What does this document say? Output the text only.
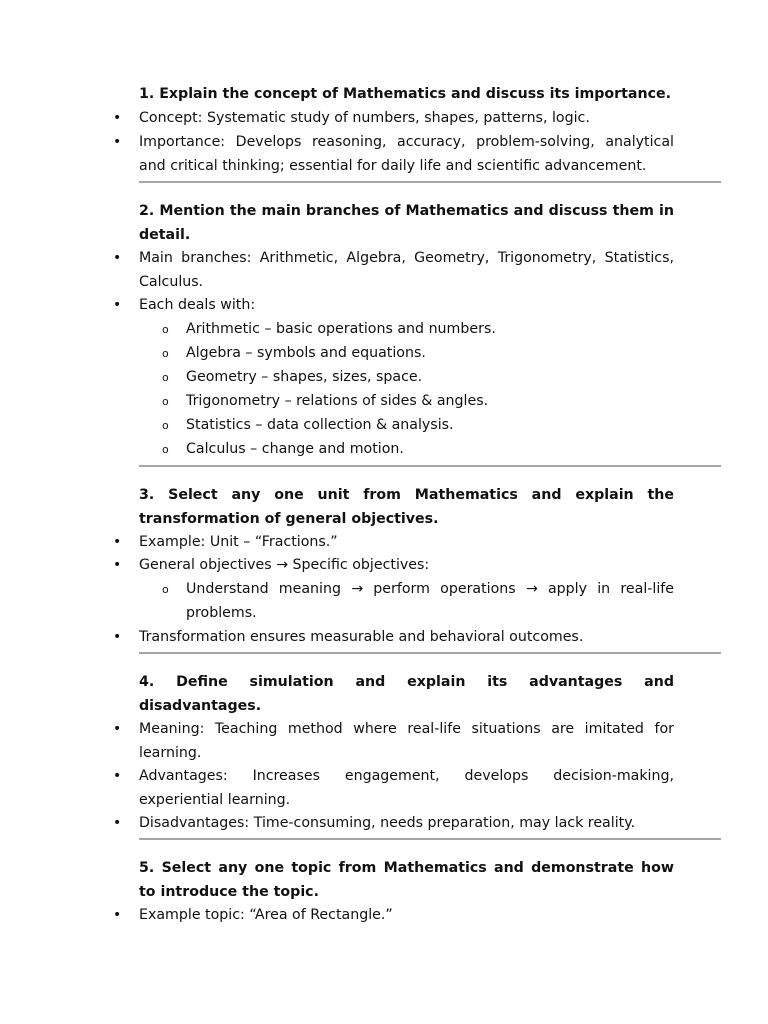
1. Explain the concept of Mathematics and discuss its importance.
• Concept: Systematic study of numbers, shapes, patterns, logic.
• Importance: Develops reasoning, accuracy, problem-solving, analytical and critical thinking; essential for daily life and scientific advancement.
2. Mention the main branches of Mathematics and discuss them in detail.
• Main branches: Arithmetic, Algebra, Geometry, Trigonometry, Statistics, Calculus.
• Each deals with:
o Arithmetic – basic operations and numbers.
o Algebra – symbols and equations.
o Geometry – shapes, sizes, space.
o Trigonometry – relations of sides & angles.
o Statistics – data collection & analysis.
o Calculus – change and motion.
3. Select any one unit from Mathematics and explain the transformation of general objectives.
• Example: Unit – “Fractions.”
• General objectives → Specific objectives:
o Understand meaning → perform operations → apply in real-life problems.
• Transformation ensures measurable and behavioral outcomes.
4. Define simulation and explain its advantages and disadvantages.
• Meaning: Teaching method where real-life situations are imitated for learning.
• Advantages: Increases engagement, develops decision-making, experiential learning.
• Disadvantages: Time-consuming, needs preparation, may lack reality.
5. Select any one topic from Mathematics and demonstrate how to introduce the topic.
• Example topic: “Area of Rectangle.”
